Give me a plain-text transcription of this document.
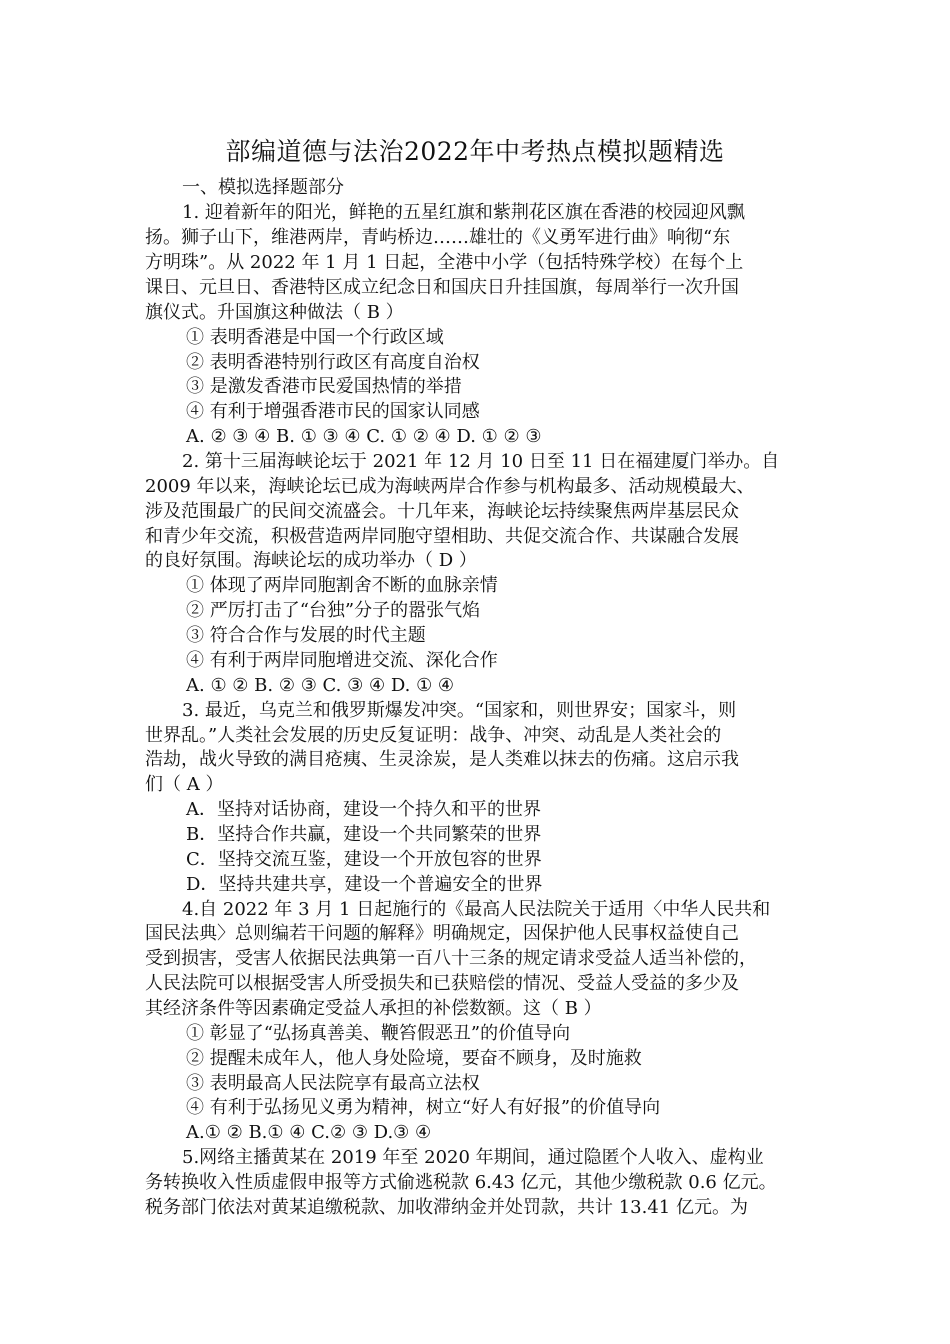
部编道德与法治2022年中考热点模拟题精选
一、模拟选择题部分
1. 迎着新年的阳光，鲜艳的五星红旗和紫荆花区旗在香港的校园迎风飘
扬。狮子山下，维港两岸，青屿桥边……雄壮的《义勇军进行曲》响彻“东
方明珠”。从 2022 年 1 月 1 日起，全港中小学（包括特殊学校）在每个上
课日、元旦日、香港特区成立纪念日和国庆日升挂国旗，每周举行一次升国
旗仪式。升国旗这种做法（ B ）
① 表明香港是中国一个行政区域
② 表明香港特别行政区有高度自治权
③ 是激发香港市民爱国热情的举措
④ 有利于增强香港市民的国家认同感
A. ② ③ ④ B. ① ③ ④ C. ① ② ④ D. ① ② ③
2. 第十三届海峡论坛于 2021 年 12 月 10 日至 11 日在福建厦门举办。自
2009 年以来，海峡论坛已成为海峡两岸合作参与机构最多、活动规模最大、
涉及范围最广的民间交流盛会。十几年来，海峡论坛持续聚焦两岸基层民众
和青少年交流，积极营造两岸同胞守望相助、共促交流合作、共谋融合发展
的良好氛围。海峡论坛的成功举办（ D ）
① 体现了两岸同胞割舍不断的血脉亲情
② 严厉打击了“台独”分子的嚣张气焰
③ 符合合作与发展的时代主题
④ 有利于两岸同胞增进交流、深化合作
A. ① ② B. ② ③ C. ③ ④ D. ① ④
3. 最近，乌克兰和俄罗斯爆发冲突。“国家和，则世界安；国家斗，则
世界乱。”人类社会发展的历史反复证明：战争、冲突、动乱是人类社会的
浩劫，战火导致的满目疮痍、生灵涂炭，是人类难以抹去的伤痛。这启示我
们（ A ）
A．坚持对话协商，建设一个持久和平的世界
B．坚持合作共赢，建设一个共同繁荣的世界
C．坚持交流互鉴，建设一个开放包容的世界
D．坚持共建共享，建设一个普遍安全的世界
4.自 2022 年 3 月 1 日起施行的《最高人民法院关于适用〈中华人民共和
国民法典〉总则编若干问题的解释》明确规定，因保护他人民事权益使自己
受到损害，受害人依据民法典第一百八十三条的规定请求受益人适当补偿的，
人民法院可以根据受害人所受损失和已获赔偿的情况、受益人受益的多少及
其经济条件等因素确定受益人承担的补偿数额。这（ B ）
① 彰显了“弘扬真善美、鞭笞假恶丑”的价值导向
② 提醒未成年人，他人身处险境，要奋不顾身，及时施救
③ 表明最高人民法院享有最高立法权
④ 有利于弘扬见义勇为精神，树立“好人有好报”的价值导向
A.① ② B.① ④ C.② ③ D.③ ④
5.网络主播黄某在 2019 年至 2020 年期间，通过隐匿个人收入、虚构业
务转换收入性质虚假申报等方式偷逃税款 6.43 亿元，其他少缴税款 0.6 亿元。
税务部门依法对黄某追缴税款、加收滞纳金并处罚款，共计 13.41 亿元。为
